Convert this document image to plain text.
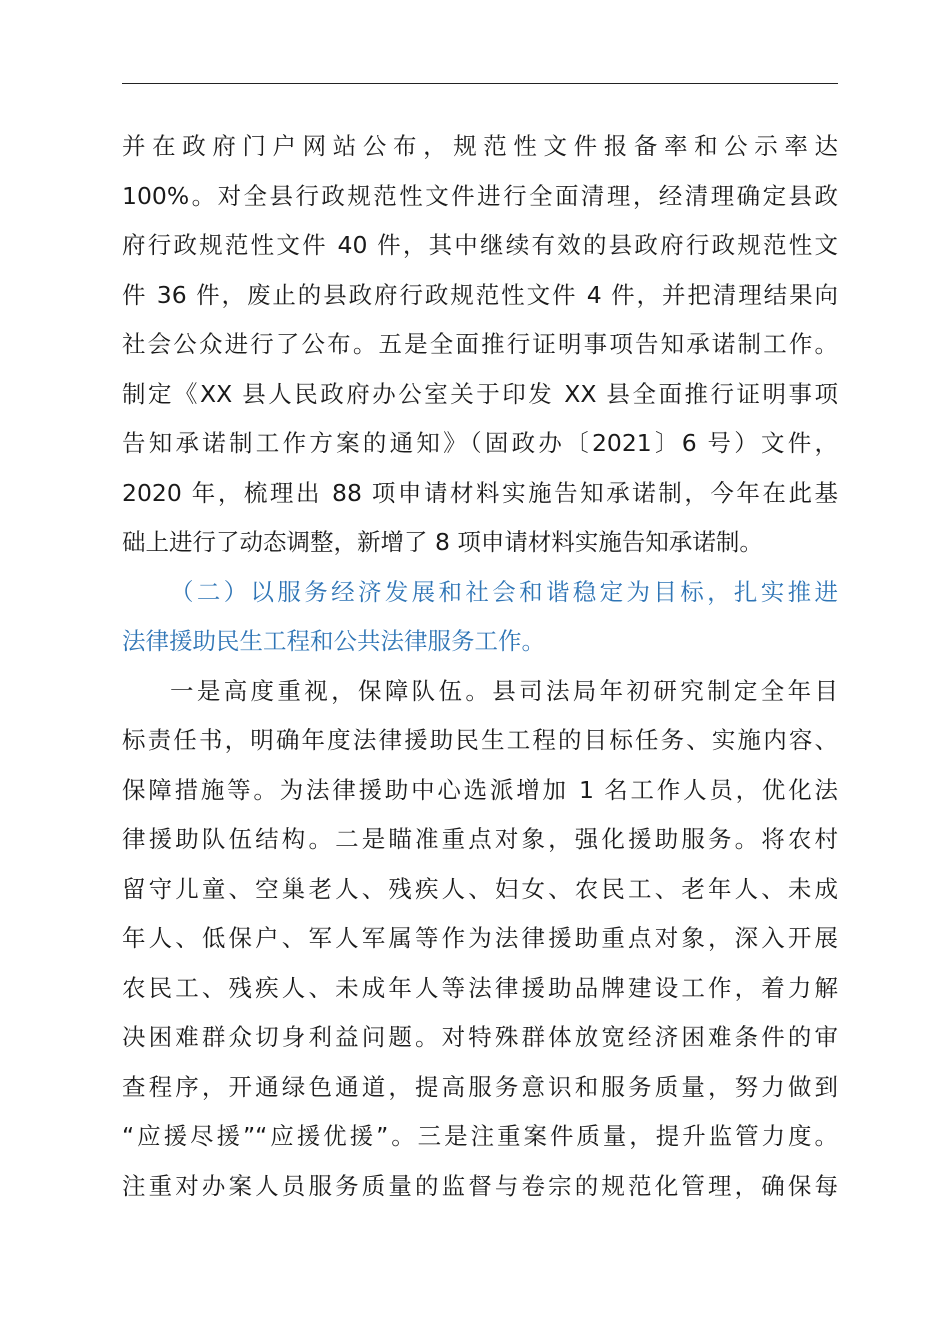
并在政府门户网站公布，规范性文件报备率和公示率达
100%。对全县行政规范性文件进行全面清理，经清理确定县政
府行政规范性文件 40 件，其中继续有效的县政府行政规范性文
件 36 件，废止的县政府行政规范性文件 4 件，并把清理结果向
社会公众进行了公布。五是全面推行证明事项告知承诺制工作。
制定《XX 县人民政府办公室关于印发 XX 县全面推行证明事项
告知承诺制工作方案的通知》（固政办〔2021〕6 号）文件，
2020 年，梳理出 88 项申请材料实施告知承诺制，今年在此基
础上进行了动态调整，新增了 8 项申请材料实施告知承诺制。
（二）以服务经济发展和社会和谐稳定为目标，扎实推进
法律援助民生工程和公共法律服务工作。
一是高度重视，保障队伍。县司法局年初研究制定全年目
标责任书，明确年度法律援助民生工程的目标任务、实施内容、
保障措施等。为法律援助中心选派增加 1 名工作人员，优化法
律援助队伍结构。二是瞄准重点对象，强化援助服务。将农村
留守儿童、空巢老人、残疾人、妇女、农民工、老年人、未成
年人、低保户、军人军属等作为法律援助重点对象，深入开展
农民工、残疾人、未成年人等法律援助品牌建设工作，着力解
决困难群众切身利益问题。对特殊群体放宽经济困难条件的审
查程序，开通绿色通道，提高服务意识和服务质量，努力做到
“应援尽援”“应援优援”。三是注重案件质量，提升监管力度。
注重对办案人员服务质量的监督与卷宗的规范化管理，确保每
